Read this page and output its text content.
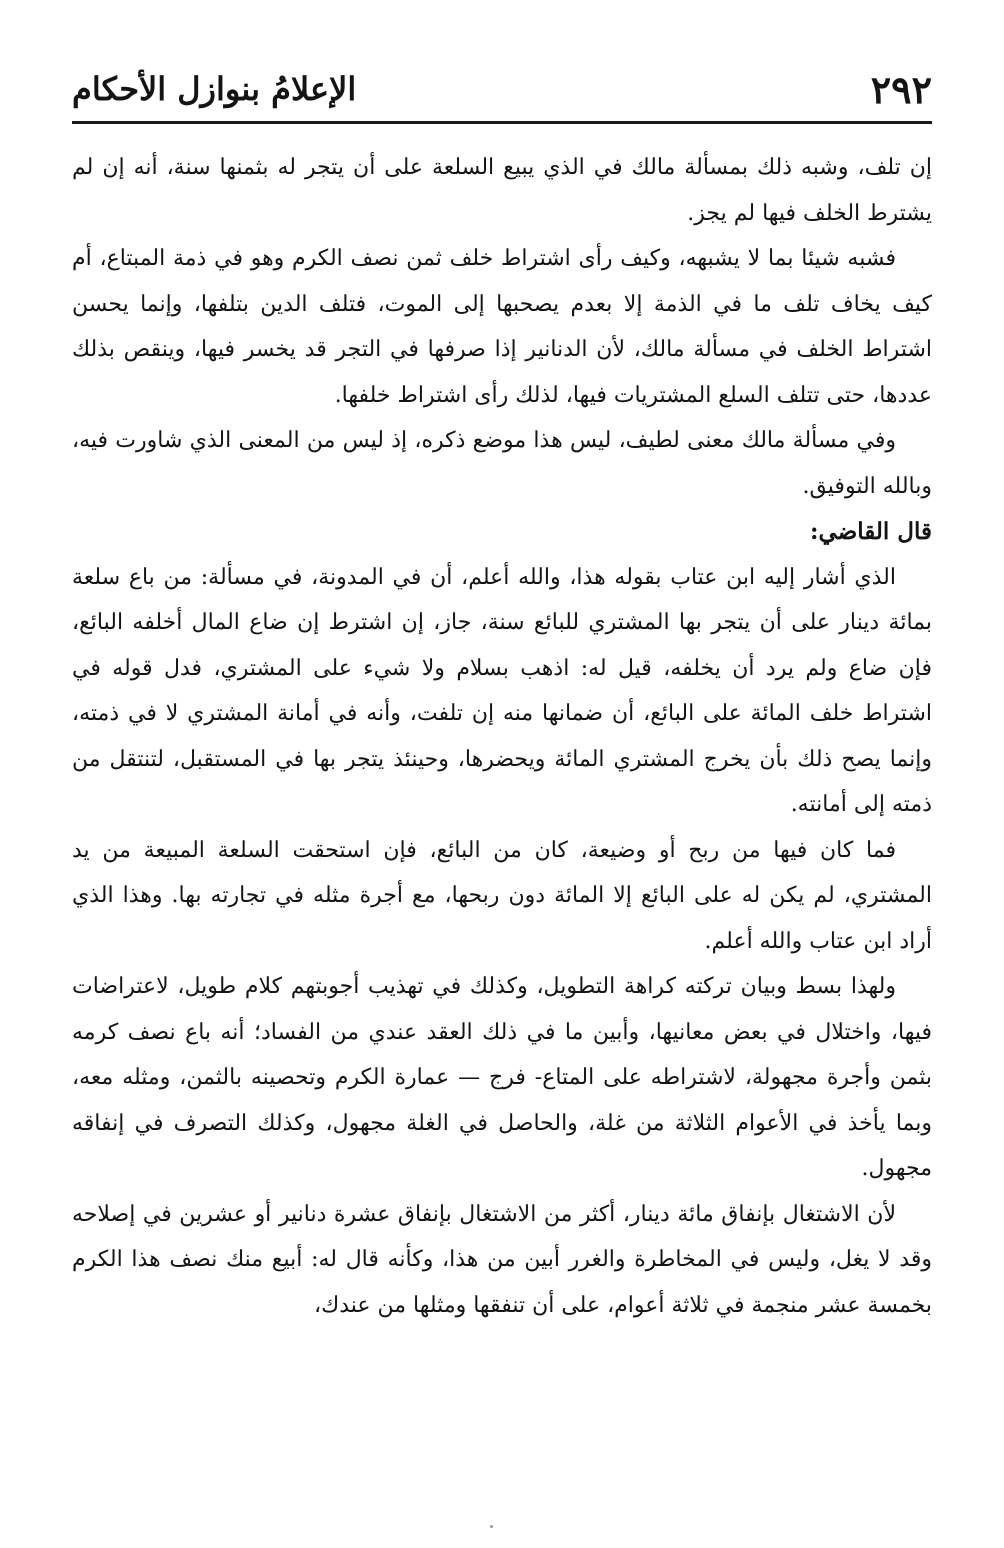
٢٩٢
الإعلامُ بنوازل الأحكام

إن تلف، وشبه ذلك بمسألة مالك في الذي يبيع السلعة على أن يتجر له بثمنها سنة، أنه إن لم يشترط الخلف فيها لم يجز.

فشبه شيئا بما لا يشبهه، وكيف رأى اشتراط خلف ثمن نصف الكرم وهو في ذمة المبتاع، أم كيف يخاف تلف ما في الذمة إلا بعدم يصحبها إلى الموت، فتلف الدين بتلفها، وإنما يحسن اشتراط الخلف في مسألة مالك، لأن الدنانير إذا صرفها في التجر قد يخسر فيها، وينقص بذلك عددها، حتى تتلف السلع المشتريات فيها، لذلك رأى اشتراط خلفها.

وفي مسألة مالك معنى لطيف، ليس هذا موضع ذكره، إذ ليس من المعنى الذي شاورت فيه، وبالله التوفيق.

قال القاضي:

الذي أشار إليه ابن عتاب بقوله هذا، والله أعلم، أن في المدونة، في مسألة: من باع سلعة بمائة دينار على أن يتجر بها المشتري للبائع سنة، جاز، إن اشترط إن ضاع المال أخلفه البائع، فإن ضاع ولم يرد أن يخلفه، قيل له: اذهب بسلام ولا شيء على المشتري، فدل قوله في اشتراط خلف المائة على البائع، أن ضمانها منه إن تلفت، وأنه في أمانة المشتري لا في ذمته، وإنما يصح ذلك بأن يخرج المشتري المائة ويحضرها، وحينئذ يتجر بها في المستقبل، لتنتقل من ذمته إلى أمانته.

فما كان فيها من ربح أو وضيعة، كان من البائع، فإن استحقت السلعة المبيعة من يد المشتري، لم يكن له على البائع إلا المائة دون ربحها، مع أجرة مثله في تجارته بها. وهذا الذي أراد ابن عتاب والله أعلم.

ولهذا بسط وبيان تركته كراهة التطويل، وكذلك في تهذيب أجوبتهم كلام طويل، لاعتراضات فيها، واختلال في بعض معانيها، وأبين ما في ذلك العقد عندي من الفساد؛ أنه باع نصف كرمه بثمن وأجرة مجهولة، لاشتراطه على المتاع- فرج — عمارة الكرم وتحصينه بالثمن، ومثله معه، وبما يأخذ في الأعوام الثلاثة من غلة، والحاصل في الغلة مجهول، وكذلك التصرف في إنفاقه مجهول.

لأن الاشتغال بإنفاق مائة دينار، أكثر من الاشتغال بإنفاق عشرة دنانير أو عشرين في إصلاحه وقد لا يغل، وليس في المخاطرة والغرر أبين من هذا، وكأنه قال له: أبيع منك نصف هذا الكرم بخمسة عشر منجمة في ثلاثة أعوام، على أن تنفقها ومثلها من عندك،
